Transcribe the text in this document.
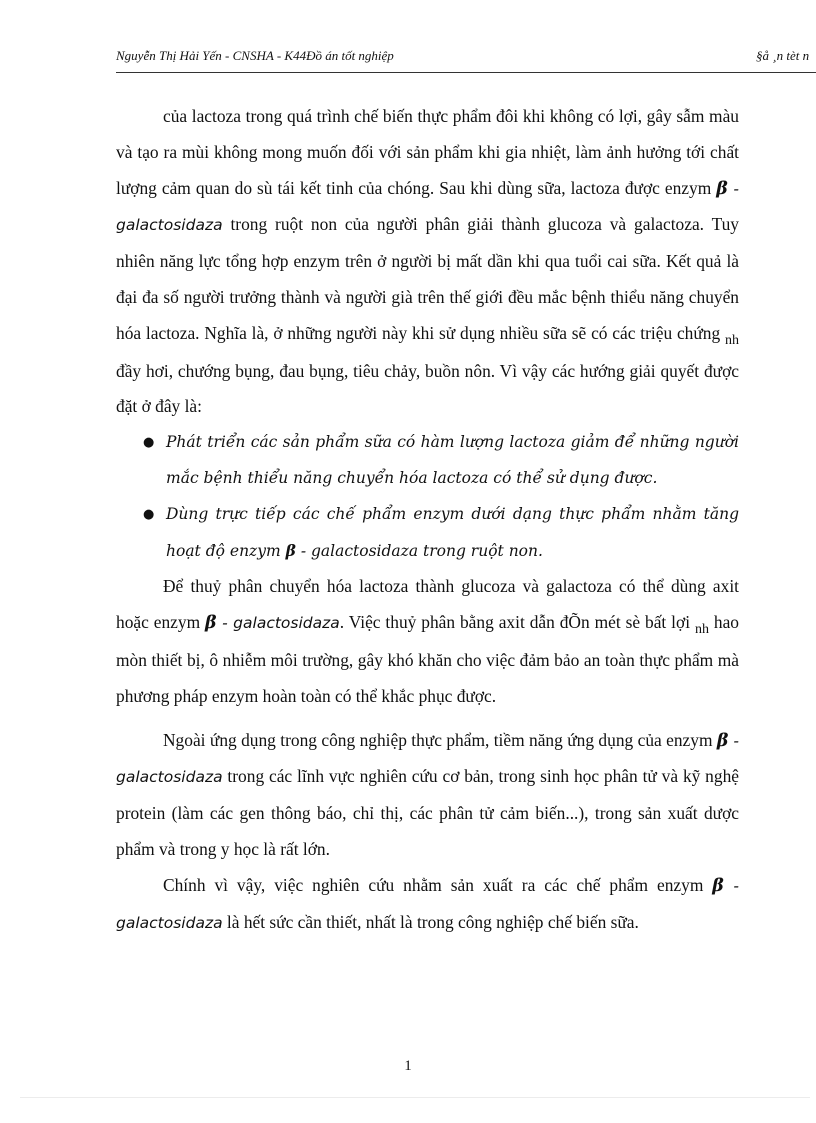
Nguyễn Thị Hải Yến - CNSHA - K44Đồ án tốt nghiệp	§å ¸n tèt n

của lactoza trong quá trình chế biến thực phẩm đôi khi không có lợi, gây sẫm màu và tạo ra mùi không mong muốn đối với sản phẩm khi gia nhiệt, làm ảnh hưởng tới chất lượng cảm quan do sù tái kết tinh của chóng. Sau khi dùng sữa, lactoza được enzym β - galactosidaza trong ruột non của người phân giải thành glucoza và galactoza. Tuy nhiên năng lực tổng hợp enzym trên ở người bị mất dần khi qua tuổi cai sữa. Kết quả là đại đa số người trưởng thành và người già trên thế giới đều mắc bệnh thiểu năng chuyển hóa lactoza. Nghĩa là, ở những người này khi sử dụng nhiều sữa sẽ có các triệu chứng $_{nh}$ đầy hơi, chướng bụng, đau bụng, tiêu chảy, buồn nôn. Vì vậy các hướng giải quyết được đặt ở đây là:

● Phát triển các sản phẩm sữa có hàm lượng lactoza giảm để những người mắc bệnh thiểu năng chuyển hóa lactoza có thể sử dụng được.
● Dùng trực tiếp các chế phẩm enzym dưới dạng thực phẩm nhằm tăng hoạt độ enzym β - galactosidaza trong ruột non.

Để thuỷ phân chuyển hóa lactoza thành glucoza và galactoza có thể dùng axit hoặc enzym β - galactosidaza. Việc thuỷ phân bằng axit dẫn đÕn mét sè bất lợi $_{nh}$ hao mòn thiết bị, ô nhiễm môi trường, gây khó khăn cho việc đảm bảo an toàn thực phẩm mà phương pháp enzym hoàn toàn có thể khắc phục được.

Ngoài ứng dụng trong công nghiệp thực phẩm, tiềm năng ứng dụng của enzym β - galactosidaza trong các lĩnh vực nghiên cứu cơ bản, trong sinh học phân tử và kỹ nghệ protein (làm các gen thông báo, chỉ thị, các phân tử cảm biến...), trong sản xuất dược phẩm và trong y học là rất lớn.

Chính vì vậy, việc nghiên cứu nhằm sản xuất ra các chế phẩm enzym β - galactosidaza là hết sức cần thiết, nhất là trong công nghiệp chế biến sữa.

1
